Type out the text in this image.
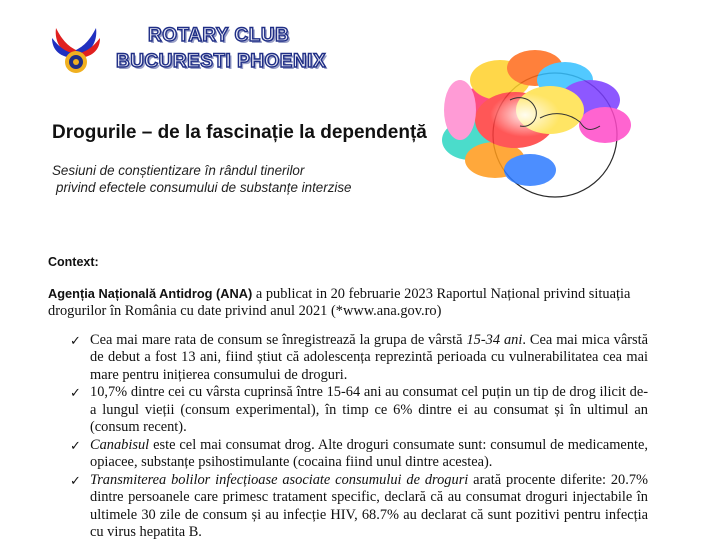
ROTARY CLUB
BUCURESTI PHOENIX
Drogurile – de la fascinație la dependență
Sesiuni de conștientizare în rândul tinerilor
privind efectele consumului de substanțe interzise
Context:
Agenția Națională Antidrog (ANA) a publicat in 20 februarie 2023 Raportul Național privind situația drogurilor în România cu date privind anul 2021 (*www.ana.gov.ro)
✓ Cea mai mare rata de consum se înregistrează la grupa de vârstă 15-34 ani. Cea mai mica vârstă de debut a fost 13 ani, fiind știut că adolescența reprezintă perioada cu vulnerabilitatea cea mai mare pentru inițierea consumului de droguri.
✓ 10,7% dintre cei cu vârsta cuprinsă între 15-64 ani au consumat cel puțin un tip de drog ilicit de-a lungul vieții (consum experimental), în timp ce 6% dintre ei au consumat și în ultimul an (consum recent).
✓ Canabisul este cel mai consumat drog. Alte droguri consumate sunt: consumul de medicamente, opiacee, substanțe psihostimulante (cocaina fiind unul dintre acestea).
✓ Transmiterea bolilor infecțioase asociate consumului de droguri arată procente diferite: 20.7% dintre persoanele care primesc tratament specific, declară că au consumat droguri injectabile în ultimele 30 zile de consum și au infecție HIV, 68.7% au declarat că sunt pozitivi pentru infecția cu virus hepatita B.
